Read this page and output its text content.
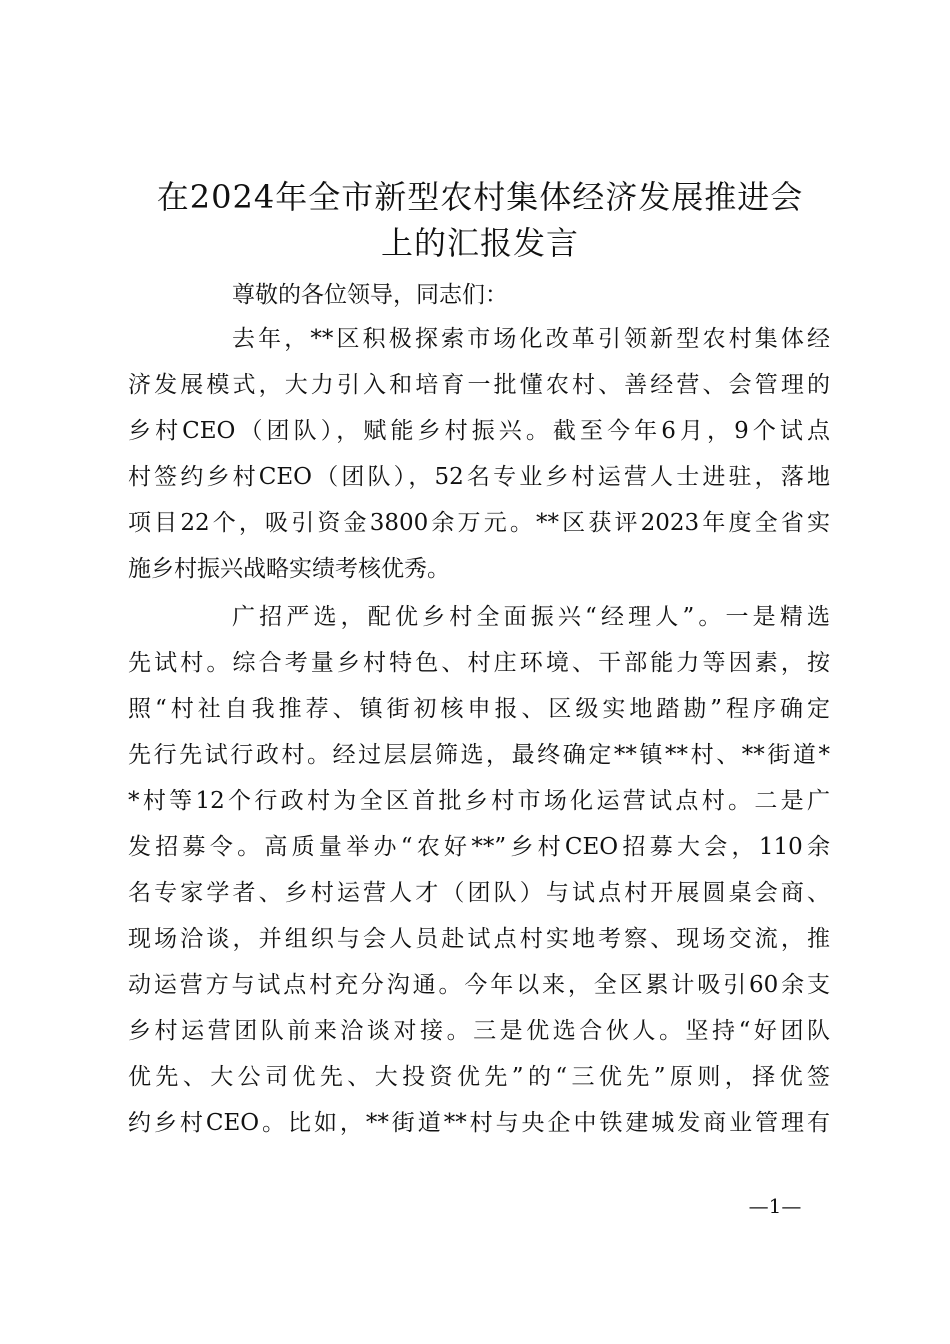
在2024年全市新型农村集体经济发展推进会
上的汇报发言
尊敬的各位领导，同志们：
去年，**区积极探索市场化改革引领新型农村集体经
济发展模式，大力引入和培育一批懂农村、善经营、会管理的
乡村CEO（团队），赋能乡村振兴。截至今年6月，9个试点
村签约乡村CEO（团队），52名专业乡村运营人士进驻，落地
项目22个，吸引资金3800余万元。**区获评2023年度全省实
施乡村振兴战略实绩考核优秀。
广招严选，配优乡村全面振兴“经理人”。一是精选
先试村。综合考量乡村特色、村庄环境、干部能力等因素，按
照“村社自我推荐、镇街初核申报、区级实地踏勘”程序确定
先行先试行政村。经过层层筛选，最终确定**镇**村、**街道*
*村等12个行政村为全区首批乡村市场化运营试点村。二是广
发招募令。高质量举办“农好**”乡村CEO招募大会，110余
名专家学者、乡村运营人才（团队）与试点村开展圆桌会商、
现场洽谈，并组织与会人员赴试点村实地考察、现场交流，推
动运营方与试点村充分沟通。今年以来，全区累计吸引60余支
乡村运营团队前来洽谈对接。三是优选合伙人。坚持“好团队
优先、大公司优先、大投资优先”的“三优先”原则，择优签
约乡村CEO。比如，**街道**村与央企中铁建城发商业管理有
—1—
